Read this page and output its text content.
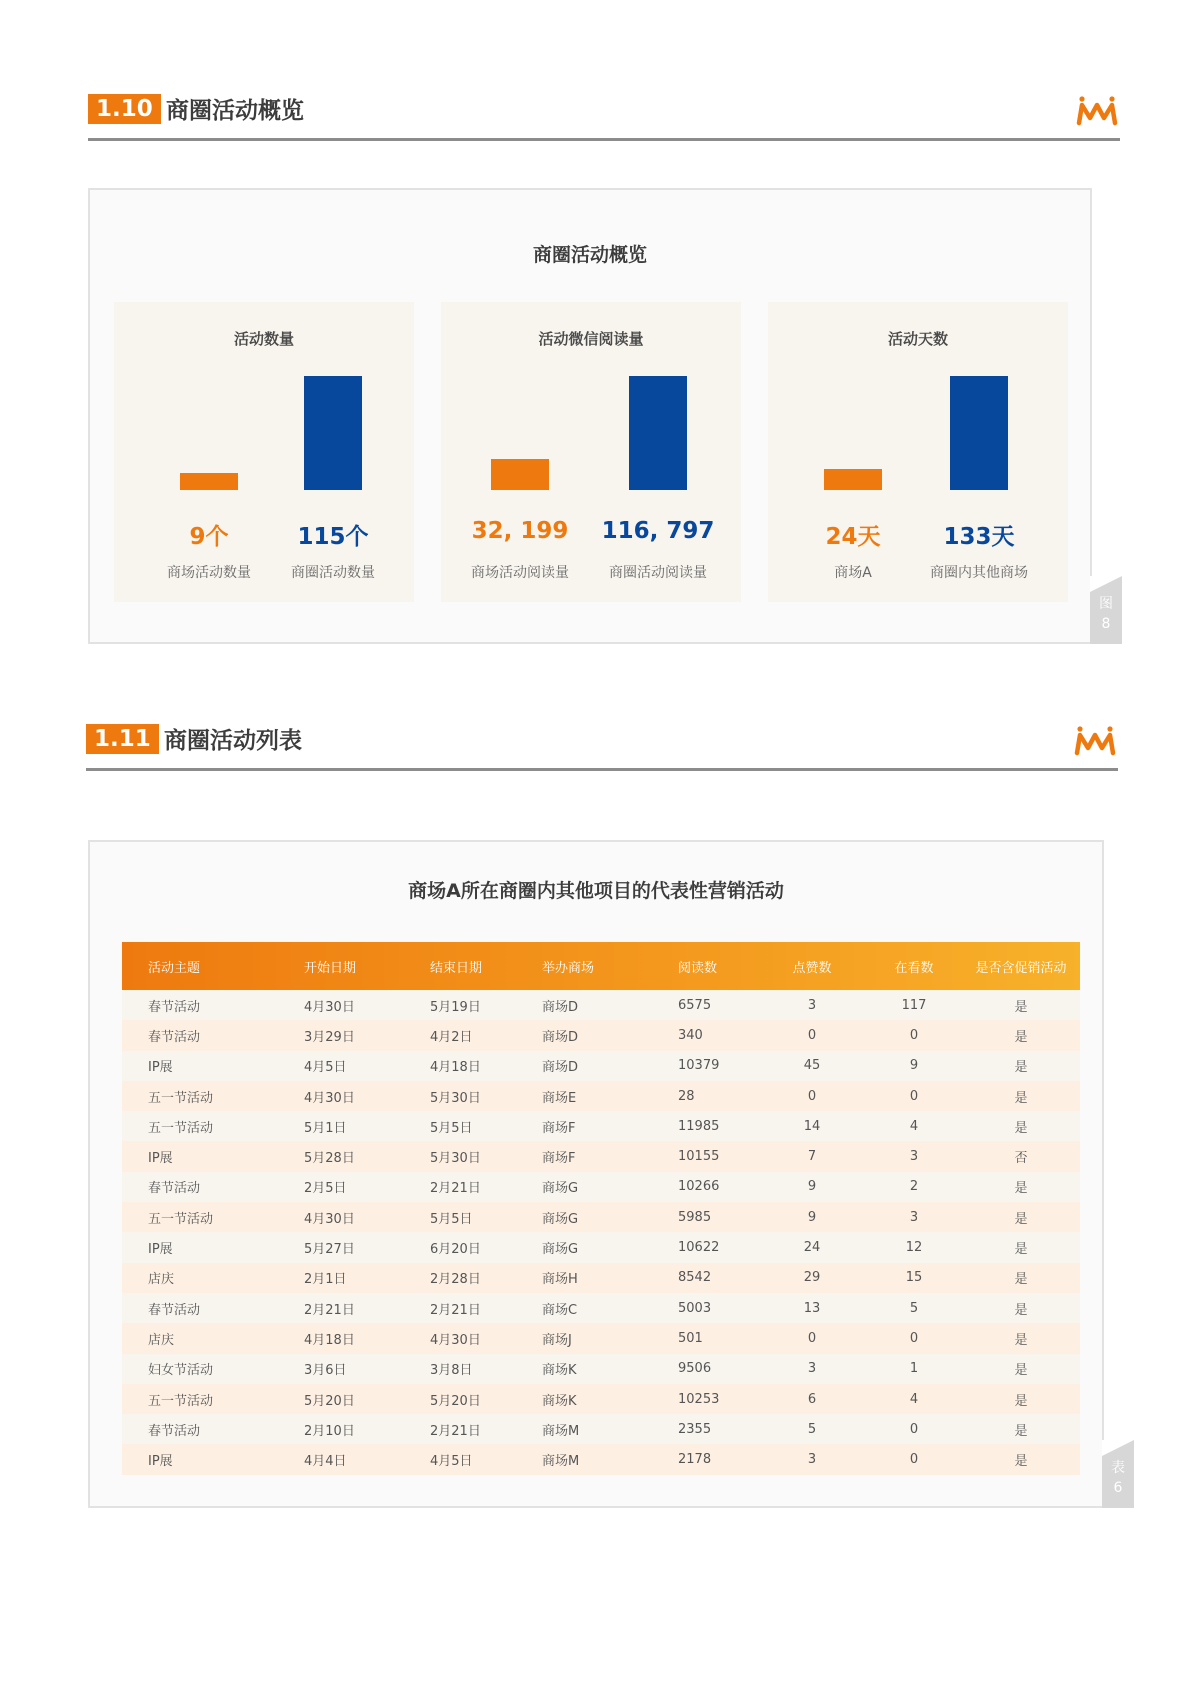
1.10 商圈活动概览
商圈活动概览
活动数量
9个	115个
商场活动数量	商圈活动数量
活动微信阅读量
32, 199	116, 797
商场活动阅读量	商圈活动阅读量
活动天数
24天	133天
商场A	商圈内其他商场
图
8
1.11 商圈活动列表
商场A所在商圈内其他项目的代表性营销活动
活动主题	开始日期	结束日期	举办商场	阅读数	点赞数	在看数	是否含促销活动
春节活动	4月30日	5月19日	商场D	6575	3	117	是
春节活动	3月29日	4月2日	商场D	340	0	0	是
IP展	4月5日	4月18日	商场D	10379	45	9	是
五一节活动	4月30日	5月30日	商场E	28	0	0	是
五一节活动	5月1日	5月5日	商场F	11985	14	4	是
IP展	5月28日	5月30日	商场F	10155	7	3	否
春节活动	2月5日	2月21日	商场G	10266	9	2	是
五一节活动	4月30日	5月5日	商场G	5985	9	3	是
IP展	5月27日	6月20日	商场G	10622	24	12	是
店庆	2月1日	2月28日	商场H	8542	29	15	是
春节活动	2月21日	2月21日	商场C	5003	13	5	是
店庆	4月18日	4月30日	商场J	501	0	0	是
妇女节活动	3月6日	3月8日	商场K	9506	3	1	是
五一节活动	5月20日	5月20日	商场K	10253	6	4	是
春节活动	2月10日	2月21日	商场M	2355	5	0	是
IP展	4月4日	4月5日	商场M	2178	3	0	是	表
6
